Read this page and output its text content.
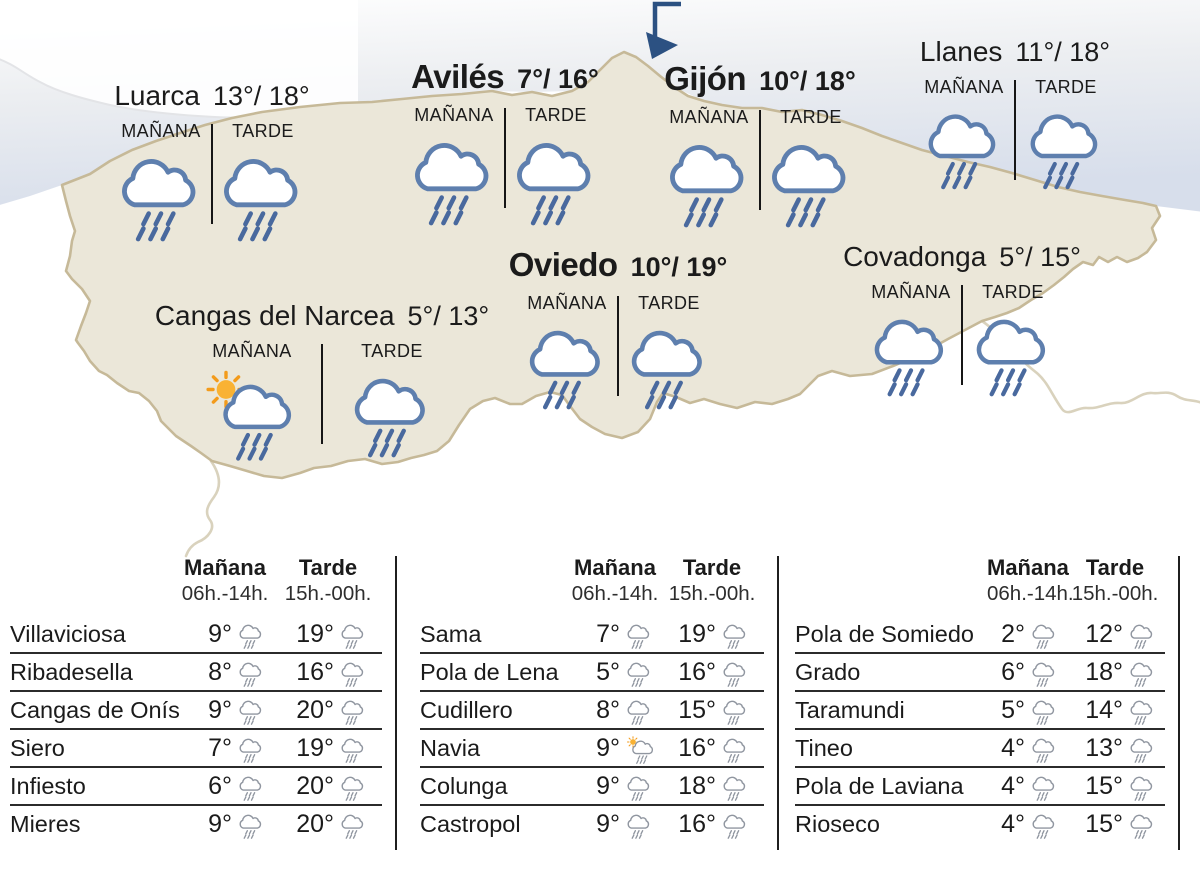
Luarca 13°/ 18°
MAÑANA TARDE
Avilés 7°/ 16°
MAÑANA TARDE
Gijón 10°/ 18°
MAÑANA TARDE
Llanes 11°/ 18°
MAÑANA TARDE
Oviedo 10°/ 19°
MAÑANA TARDE
Covadonga 5°/ 15°
MAÑANA TARDE
Cangas del Narcea 5°/ 13°
MAÑANA	TARDE
Mañana	Tarde
06h.-14h. 15h.-00h.
Villaviciosa	9°	19°
Ribadesella	8°	16°
Cangas de Onís	9°	20°
Siero	7°	19°
Infiesto	6°	20°
Mieres	9°	20°
Mañana	Tarde
06h.-14h. 15h.-00h.
Sama	7°	19°
Pola de Lena	5°	16°
Cudillero	8°	15°
Navia	9°	16°
Colunga	9°	18°
Castropol	9°	16°
Mañana Tarde
06h.-14h.
15h.-00h.
Pola de Somiedo	2°	12°
Grado	6°	18°
Taramundi	5°	14°
Tineo	4°	13°
Pola de Laviana	4°	15°
Rioseco	4°	15°
